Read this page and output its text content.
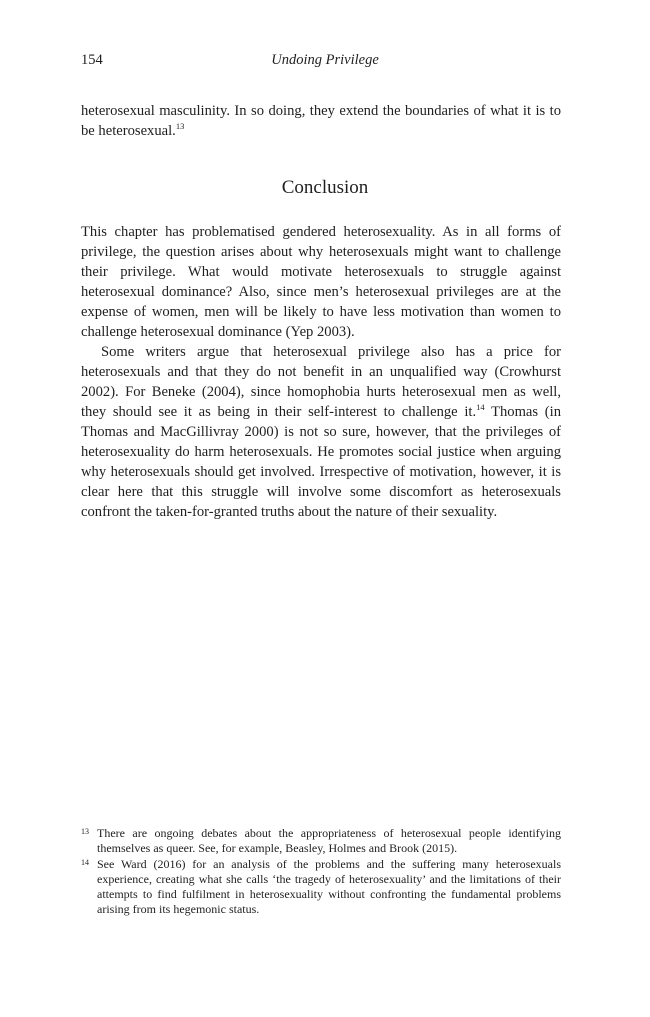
154	Undoing Privilege

heterosexual masculinity. In so doing, they extend the boundaries of what it is to be heterosexual.$^{13}$

Conclusion

This chapter has problematised gendered heterosexuality. As in all forms of privilege, the question arises about why heterosexuals might want to challenge their privilege. What would motivate heterosexuals to struggle against heterosexual dominance? Also, since men’s heterosexual privileges are at the expense of women, men will be likely to have less motivation than women to challenge heterosexual dominance (Yep 2003).

Some writers argue that heterosexual privilege also has a price for heterosexuals and that they do not benefit in an unqualified way (Crowhurst 2002). For Beneke (2004), since homophobia hurts heterosexual men as well, they should see it as being in their self-interest to challenge it.$^{14}$ Thomas (in Thomas and MacGillivray 2000) is not so sure, however, that the privileges of heterosexuality do harm heterosexuals. He promotes social justice when arguing why heterosexuals should get involved. Irrespective of motivation, however, it is clear here that this struggle will involve some discomfort as heterosexuals confront the taken-for-granted truths about the nature of their sexuality.

13 There are ongoing debates about the appropriateness of heterosexual people identifying themselves as queer. See, for example, Beasley, Holmes and Brook (2015).
14 See Ward (2016) for an analysis of the problems and the suffering many heterosexuals experience, creating what she calls ‘the tragedy of heterosexuality’ and the limitations of their attempts to find fulfilment in heterosexuality without confronting the fundamental problems arising from its hegemonic status.
